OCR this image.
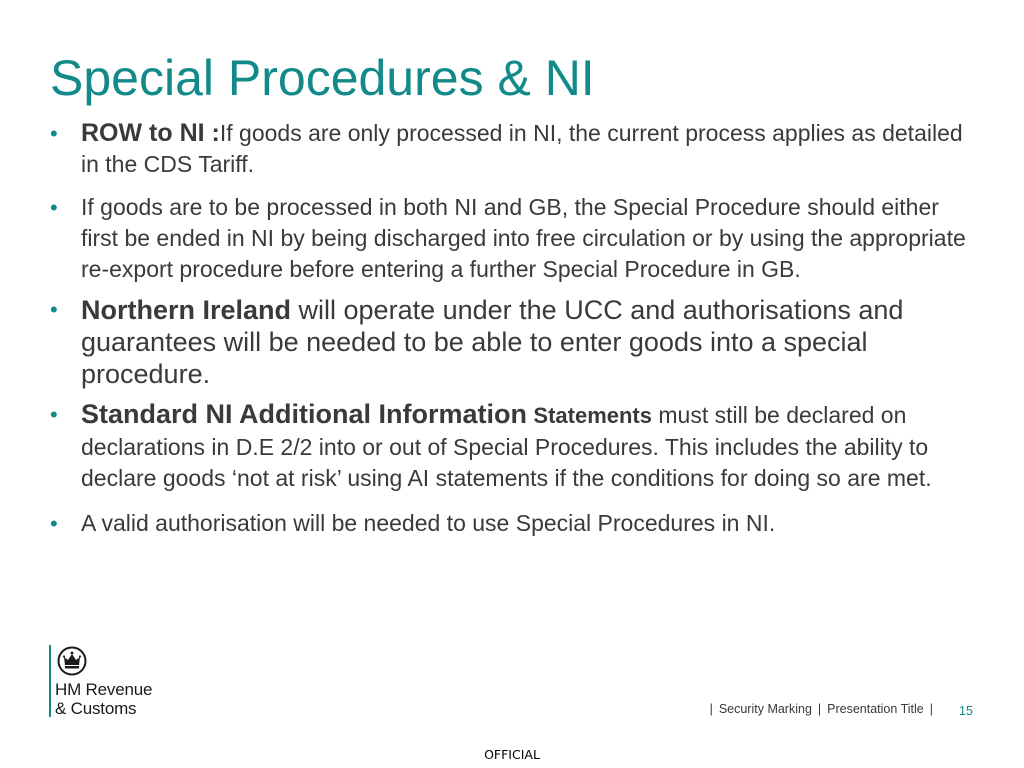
Special Procedures & NI
• ROW to NI :If goods are only processed in NI, the current process applies as detailed in the CDS Tariff.
• If goods are to be processed in both NI and GB, the Special Procedure should either first be ended in NI by being discharged into free circulation or by using the appropriate re-export procedure before entering a further Special Procedure in GB.
• Northern Ireland will operate under the UCC and authorisations and guarantees will be needed to be able to enter goods into a special procedure.
• Standard NI Additional Information Statements must still be declared on declarations in D.E 2/2 into or out of Special Procedures. This includes the ability to declare goods ‘not at risk’ using AI statements if the conditions for doing so are met.
• A valid authorisation will be needed to use Special Procedures in NI.
HM Revenue
& Customs	| Security Marking | Presentation Title |	15
OFFICIAL
